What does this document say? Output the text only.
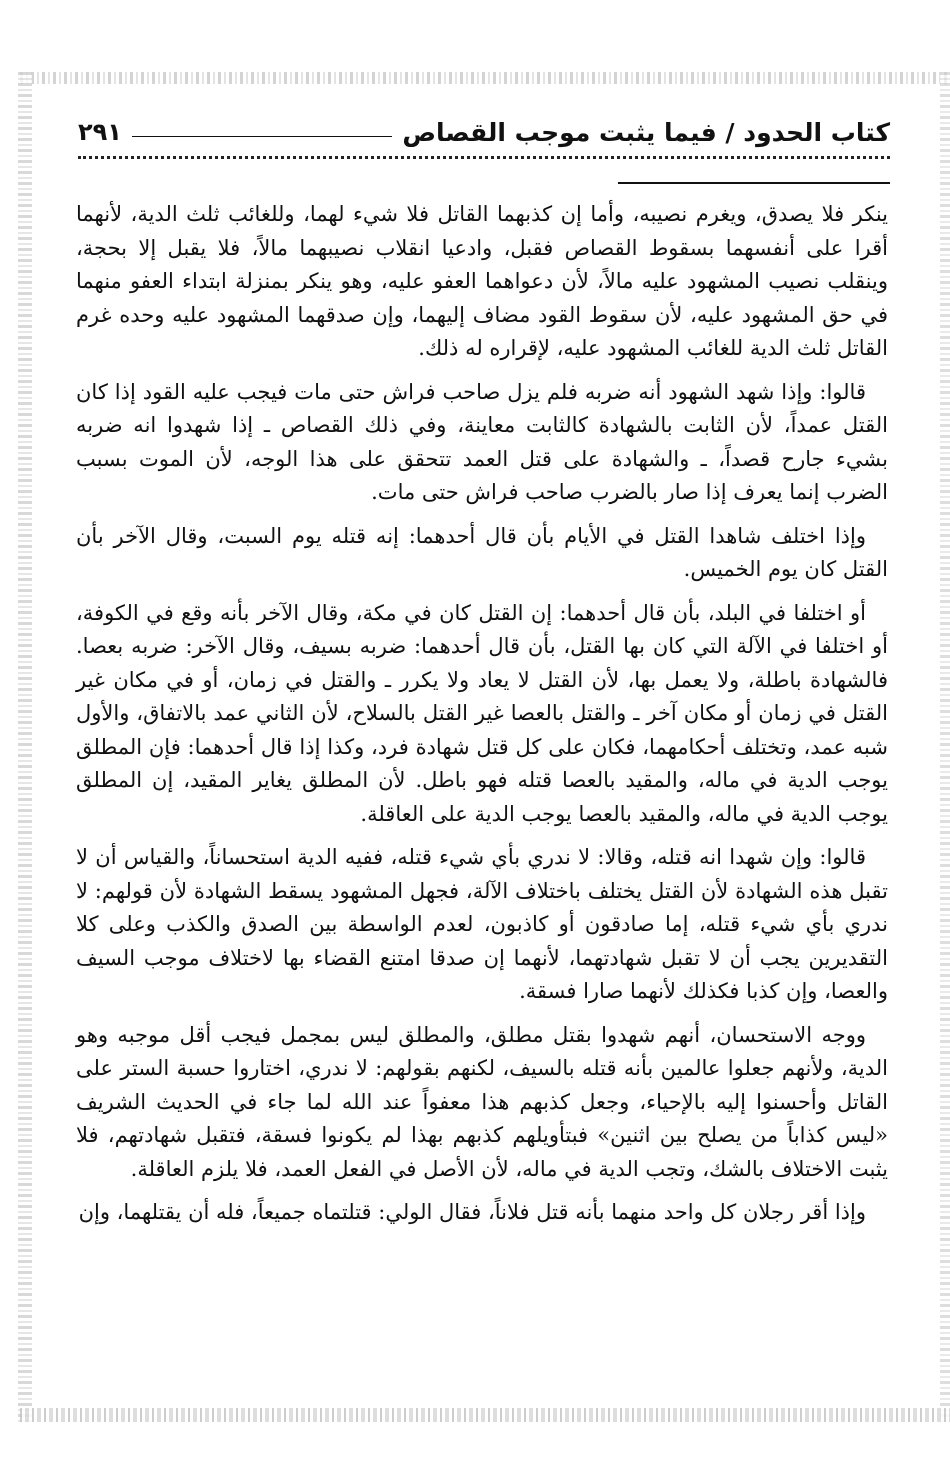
كتاب الحدود / فيما يثبت موجب القصاص
٢٩١

ينكر فلا يصدق، ويغرم نصيبه، وأما إن كذبهما القاتل فلا شيء لهما، وللغائب ثلث الدية، لأنهما أقرا على أنفسهما بسقوط القصاص فقبل، وادعيا انقلاب نصيبهما مالاً، فلا يقبل إلا بحجة، وينقلب نصيب المشهود عليه مالاً، لأن دعواهما العفو عليه، وهو ينكر بمنزلة ابتداء العفو منهما في حق المشهود عليه، لأن سقوط القود مضاف إليهما، وإن صدقهما المشهود عليه وحده غرم القاتل ثلث الدية للغائب المشهود عليه، لإقراره له ذلك.

قالوا: وإذا شهد الشهود أنه ضربه فلم يزل صاحب فراش حتى مات فيجب عليه القود إذا كان القتل عمداً، لأن الثابت بالشهادة كالثابت معاينة، وفي ذلك القصاص ـ إذا شهدوا انه ضربه بشيء جارح قصداً، ـ والشهادة على قتل العمد تتحقق على هذا الوجه، لأن الموت بسبب الضرب إنما يعرف إذا صار بالضرب صاحب فراش حتى مات.

وإذا اختلف شاهدا القتل في الأيام بأن قال أحدهما: إنه قتله يوم السبت، وقال الآخر بأن القتل كان يوم الخميس.

أو اختلفا في البلد، بأن قال أحدهما: إن القتل كان في مكة، وقال الآخر بأنه وقع في الكوفة، أو اختلفا في الآلة التي كان بها القتل، بأن قال أحدهما: ضربه بسيف، وقال الآخر: ضربه بعصا. فالشهادة باطلة، ولا يعمل بها، لأن القتل لا يعاد ولا يكرر ـ والقتل في زمان، أو في مكان غير القتل في زمان أو مكان آخر ـ والقتل بالعصا غير القتل بالسلاح، لأن الثاني عمد بالاتفاق، والأول شبه عمد، وتختلف أحكامهما، فكان على كل قتل شهادة فرد، وكذا إذا قال أحدهما: فإن المطلق يوجب الدية في ماله، والمقيد بالعصا قتله فهو باطل. لأن المطلق يغاير المقيد، إن المطلق يوجب الدية في ماله، والمقيد بالعصا يوجب الدية على العاقلة.

قالوا: وإن شهدا انه قتله، وقالا: لا ندري بأي شيء قتله، ففيه الدية استحساناً، والقياس أن لا تقبل هذه الشهادة لأن القتل يختلف باختلاف الآلة، فجهل المشهود يسقط الشهادة لأن قولهم: لا ندري بأي شيء قتله، إما صادقون أو كاذبون، لعدم الواسطة بين الصدق والكذب وعلى كلا التقديرين يجب أن لا تقبل شهادتهما، لأنهما إن صدقا امتنع القضاء بها لاختلاف موجب السيف والعصا، وإن كذبا فكذلك لأنهما صارا فسقة.

ووجه الاستحسان، أنهم شهدوا بقتل مطلق، والمطلق ليس بمجمل فيجب أقل موجبه وهو الدية، ولأنهم جعلوا عالمين بأنه قتله بالسيف، لكنهم بقولهم: لا ندري، اختاروا حسبة الستر على القاتل وأحسنوا إليه بالإحياء، وجعل كذبهم هذا معفواً عند الله لما جاء في الحديث الشريف «ليس كذاباً من يصلح بين اثنين» فبتأويلهم كذبهم بهذا لم يكونوا فسقة، فتقبل شهادتهم، فلا يثبت الاختلاف بالشك، وتجب الدية في ماله، لأن الأصل في الفعل العمد، فلا يلزم العاقلة.

وإذا أقر رجلان كل واحد منهما بأنه قتل فلاناً، فقال الولي: قتلتماه جميعاً، فله أن يقتلهما، وإن
